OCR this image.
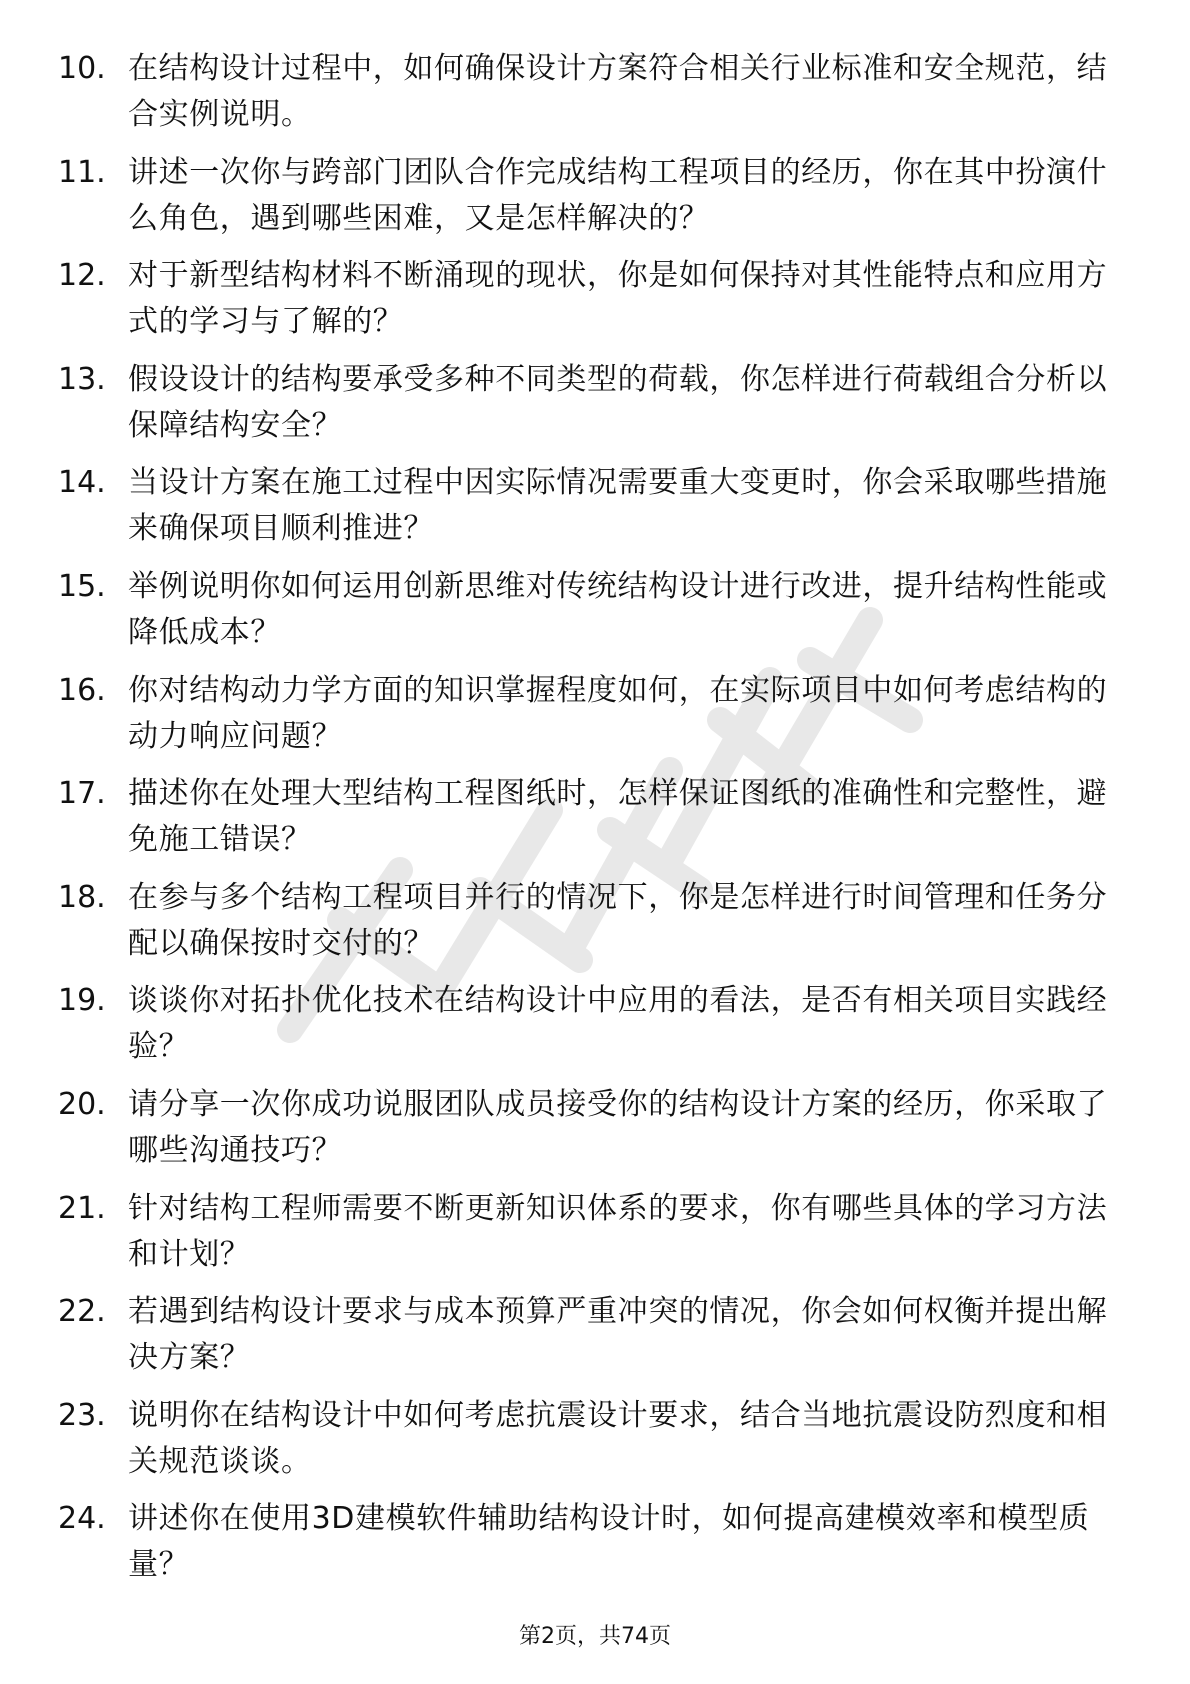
10. 在结构设计过程中，如何确保设计方案符合相关行业标准和安全规范，结合实例说明。
11. 讲述一次你与跨部门团队合作完成结构工程项目的经历，你在其中扮演什么角色，遇到哪些困难，又是怎样解决的？
12. 对于新型结构材料不断涌现的现状，你是如何保持对其性能特点和应用方式的学习与了解的？
13. 假设设计的结构要承受多种不同类型的荷载，你怎样进行荷载组合分析以保障结构安全？
14. 当设计方案在施工过程中因实际情况需要重大变更时，你会采取哪些措施来确保项目顺利推进？
15. 举例说明你如何运用创新思维对传统结构设计进行改进，提升结构性能或降低成本？
16. 你对结构动力学方面的知识掌握程度如何，在实际项目中如何考虑结构的动力响应问题？
17. 描述你在处理大型结构工程图纸时，怎样保证图纸的准确性和完整性，避免施工错误？
18. 在参与多个结构工程项目并行的情况下，你是怎样进行时间管理和任务分配以确保按时交付的？
19. 谈谈你对拓扑优化技术在结构设计中应用的看法，是否有相关项目实践经验？
20. 请分享一次你成功说服团队成员接受你的结构设计方案的经历，你采取了哪些沟通技巧？
21. 针对结构工程师需要不断更新知识体系的要求，你有哪些具体的学习方法和计划？
22. 若遇到结构设计要求与成本预算严重冲突的情况，你会如何权衡并提出解决方案？
23. 说明你在结构设计中如何考虑抗震设计要求，结合当地抗震设防烈度和相关规范谈谈。
24. 讲述你在使用3D建模软件辅助结构设计时，如何提高建模效率和模型质量？
第2页，共74页
